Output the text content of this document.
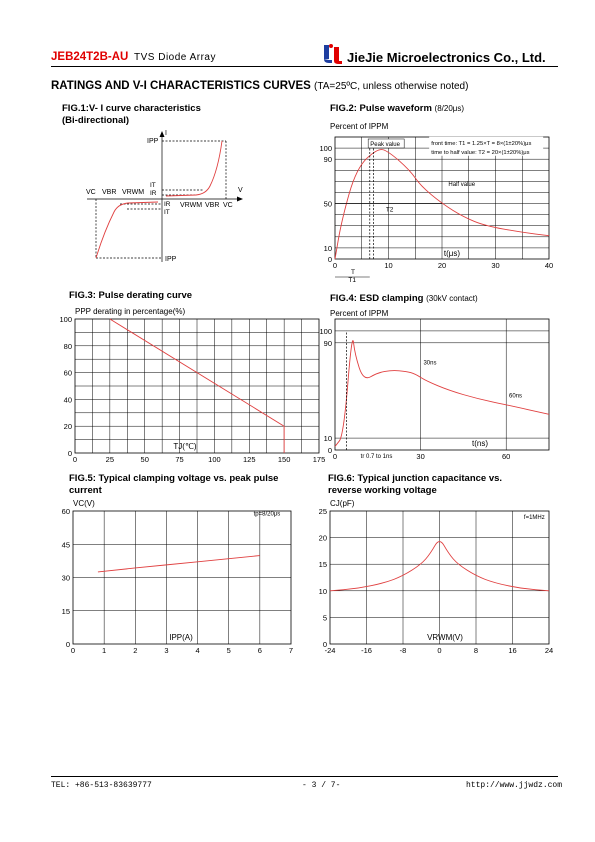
JEB24T2B-AU TVS Diode Array	JieJie Microelectronics Co., Ltd.
RATINGS AND V-I CHARACTERISTICS CURVES (TA=25ºC, unless otherwise noted)
FIG.1:V- I curve characteristics
(Bi-directional)
FIG.2: Pulse waveform (8/20μs)
FIG.3: Pulse derating curve	FIG.4: ESD clamping (30kV contact)
FIG.5: Typical clamping voltage vs. peak pulse
current
FIG.6: Typical junction capacitance vs.
reverse working voltage
Percent of IPPM
PPP derating in percentage(%)	Percent of IPPM
VC(V)	CJ(pF)
I
IPP
V
VC VBR VRWM
IT
IR
IR
IT
VRWM VBR VC
IPP
0	10	20	30	40
0
10
50
90
100
t(μs)
Peak value	front time: T1 = 1.25×T = 8×(1±20%)μs
time to half value: T2 = 20×(1±20%)μs
Half value
T2
T
T1
0	25	50	75	100	125	150	175
0
20
40
60
80
100
TJ(℃)
0	30	60
0
10
90
100
t(ns)
30ns
60ns
tr 0.7 to 1ns
0	1	2	3	4	5	6	7
0
15
30
45
60
IPP(A)
tp=8/20μs
-24	-16	-8	0	8	16	24
0
5
10
15
20
25
VRWM(V)
f=1MHz
TEL: +86-513-83639777	- 3 / 7-	http://www.jjwdz.com
